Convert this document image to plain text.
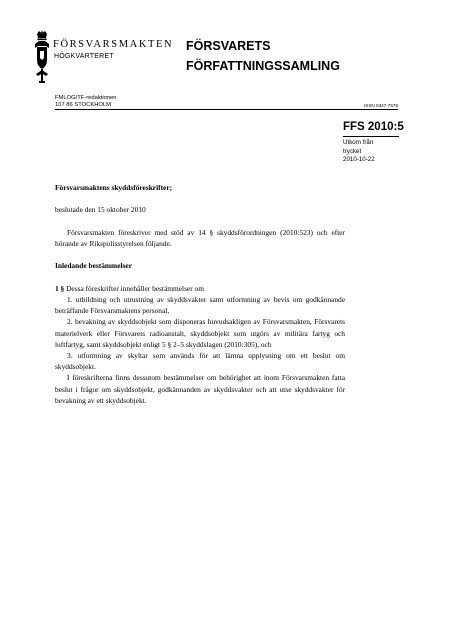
FÖRSVARSMAKTEN
HÖGKVARTERET
FÖRSVARETS
FÖRFATTNINGSSAMLING
FMLOG/TF-redaktionen
107 86 STOCKHOLM	ISSN 0347-7576
FFS 2010:5
Utkom från
trycket
2010-10-22

Försvarsmaktens skyddsföreskrifter;

beslutade den 15 oktober 2010

Försvarsmakten föreskriver med stöd av 14 § skyddsförordningen (2010:523) och efter hörande av Rikspolisstyrelsen följande.

Inledande bestämmelser

1 § Dessa föreskrifter innehåller bestämmelser om

1. utbildning och utrustning av skyddsvakter samt utformning av bevis om godkännande beträffande Försvarsmaktens personal,

2. bevakning av skyddsobjekt som disponeras huvudsakligen av Försvarsmakten, Försvarets materielverk eller Försvarets radioanstalt, skyddsobjekt som utgörs av militära fartyg och luftfartyg, samt skyddsobjekt enligt 5 § 2–5 skyddslagen (2010:305), och

3. utformning av skyltar som används för att lämna upplysning om ett beslut om skyddsobjekt.

I föreskrifterna finns dessutom bestämmelser om behörighet att inom Försvarsmakten fatta beslut i frågor om skyddsobjekt, godkännanden av skyddsvakter och att utse skyddsvakter för bevakning av ett skyddsobjekt.
